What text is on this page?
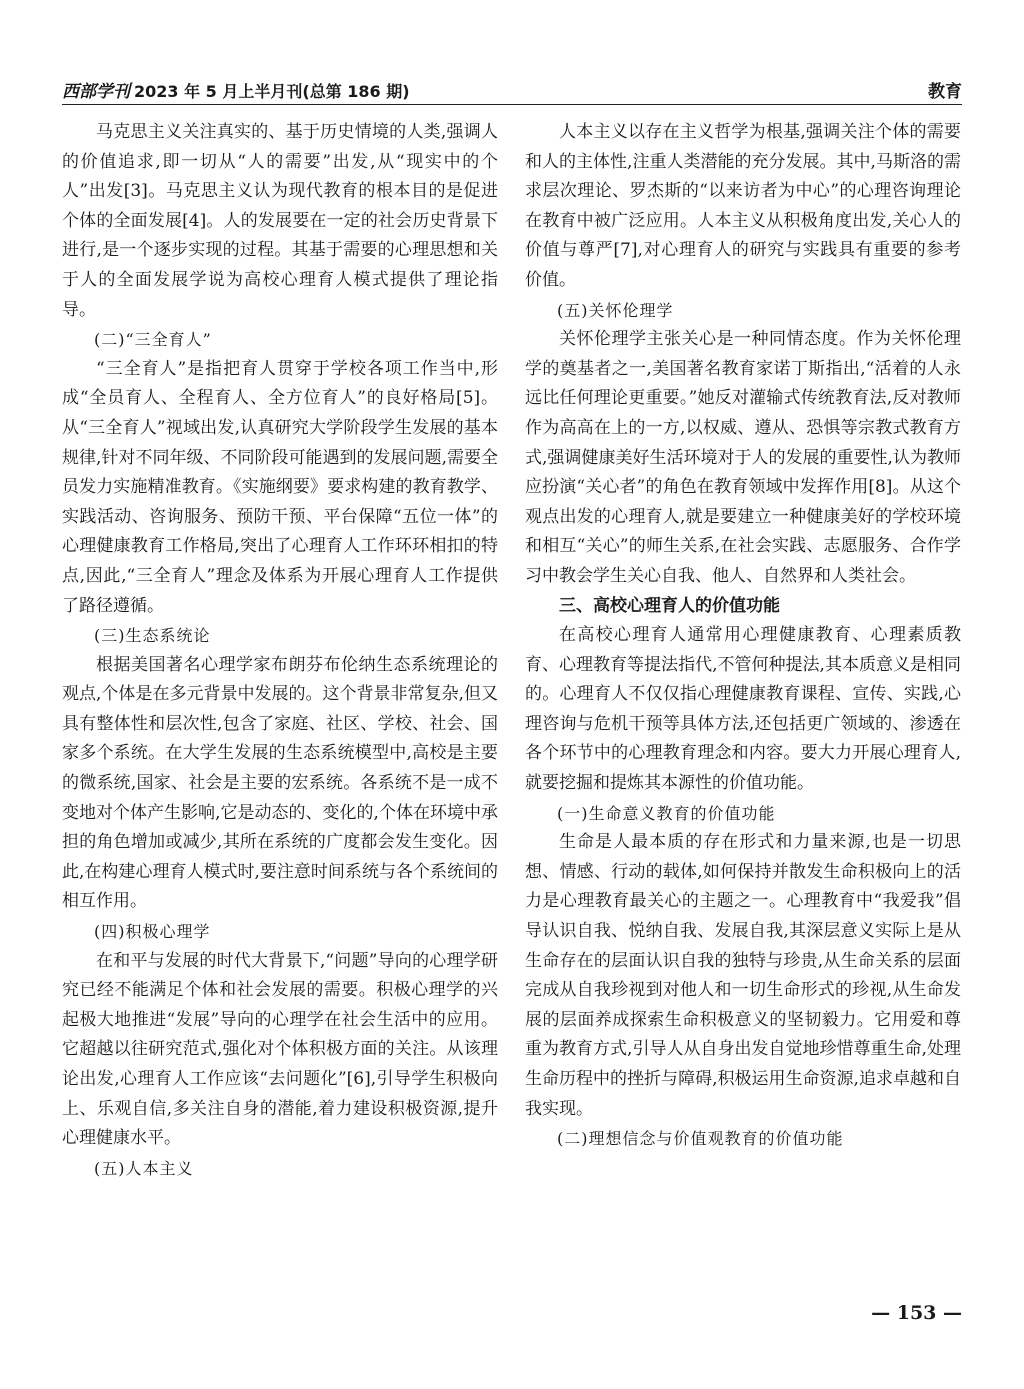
西部学刊 2023 年 5 月上半月刊(总第 186 期)	教育

马克思主义关注真实的、基于历史情境的人类,强调人的价值追求,即一切从“人的需要”出发,从“现实中的个人”出发[3]。马克思主义认为现代教育的根本目的是促进个体的全面发展[4]。人的发展要在一定的社会历史背景下进行,是一个逐步实现的过程。其基于需要的心理思想和关于人的全面发展学说为高校心理育人模式提供了理论指导。

(二)“三全育人”

“三全育人”是指把育人贯穿于学校各项工作当中,形成“全员育人、全程育人、全方位育人”的良好格局[5]。从“三全育人”视域出发,认真研究大学阶段学生发展的基本规律,针对不同年级、不同阶段可能遇到的发展问题,需要全员发力实施精准教育。《实施纲要》要求构建的教育教学、实践活动、咨询服务、预防干预、平台保障“五位一体”的心理健康教育工作格局,突出了心理育人工作环环相扣的特点,因此,“三全育人”理念及体系为开展心理育人工作提供了路径遵循。

(三)生态系统论

根据美国著名心理学家布朗芬布伦纳生态系统理论的观点,个体是在多元背景中发展的。这个背景非常复杂,但又具有整体性和层次性,包含了家庭、社区、学校、社会、国家多个系统。在大学生发展的生态系统模型中,高校是主要的微系统,国家、社会是主要的宏系统。各系统不是一成不变地对个体产生影响,它是动态的、变化的,个体在环境中承担的角色增加或减少,其所在系统的广度都会发生变化。因此,在构建心理育人模式时,要注意时间系统与各个系统间的相互作用。

(四)积极心理学

在和平与发展的时代大背景下,“问题”导向的心理学研究已经不能满足个体和社会发展的需要。积极心理学的兴起极大地推进“发展”导向的心理学在社会生活中的应用。它超越以往研究范式,强化对个体积极方面的关注。从该理论出发,心理育人工作应该“去问题化”[6],引导学生积极向上、乐观自信,多关注自身的潜能,着力建设积极资源,提升心理健康水平。

(五)人本主义

人本主义以存在主义哲学为根基,强调关注个体的需要和人的主体性,注重人类潜能的充分发展。其中,马斯洛的需求层次理论、罗杰斯的“以来访者为中心”的心理咨询理论在教育中被广泛应用。人本主义从积极角度出发,关心人的价值与尊严[7],对心理育人的研究与实践具有重要的参考价值。

(五)关怀伦理学

关怀伦理学主张关心是一种同情态度。作为关怀伦理学的奠基者之一,美国著名教育家诺丁斯指出,“活着的人永远比任何理论更重要。”她反对灌输式传统教育法,反对教师作为高高在上的一方,以权威、遵从、恐惧等宗教式教育方式,强调健康美好生活环境对于人的发展的重要性,认为教师应扮演“关心者”的角色在教育领域中发挥作用[8]。从这个观点出发的心理育人,就是要建立一种健康美好的学校环境和相互“关心”的师生关系,在社会实践、志愿服务、合作学习中教会学生关心自我、他人、自然界和人类社会。

三、高校心理育人的价值功能

在高校心理育人通常用心理健康教育、心理素质教育、心理教育等提法指代,不管何种提法,其本质意义是相同的。心理育人不仅仅指心理健康教育课程、宣传、实践,心理咨询与危机干预等具体方法,还包括更广领域的、渗透在各个环节中的心理教育理念和内容。要大力开展心理育人,就要挖掘和提炼其本源性的价值功能。

(一)生命意义教育的价值功能

生命是人最本质的存在形式和力量来源,也是一切思想、情感、行动的载体,如何保持并散发生命积极向上的活力是心理教育最关心的主题之一。心理教育中“我爱我”倡导认识自我、悦纳自我、发展自我,其深层意义实际上是从生命存在的层面认识自我的独特与珍贵,从生命关系的层面完成从自我珍视到对他人和一切生命形式的珍视,从生命发展的层面养成探索生命积极意义的坚韧毅力。它用爱和尊重为教育方式,引导人从自身出发自觉地珍惜尊重生命,处理生命历程中的挫折与障碍,积极运用生命资源,追求卓越和自我实现。

(二)理想信念与价值观教育的价值功能
— 153 —
